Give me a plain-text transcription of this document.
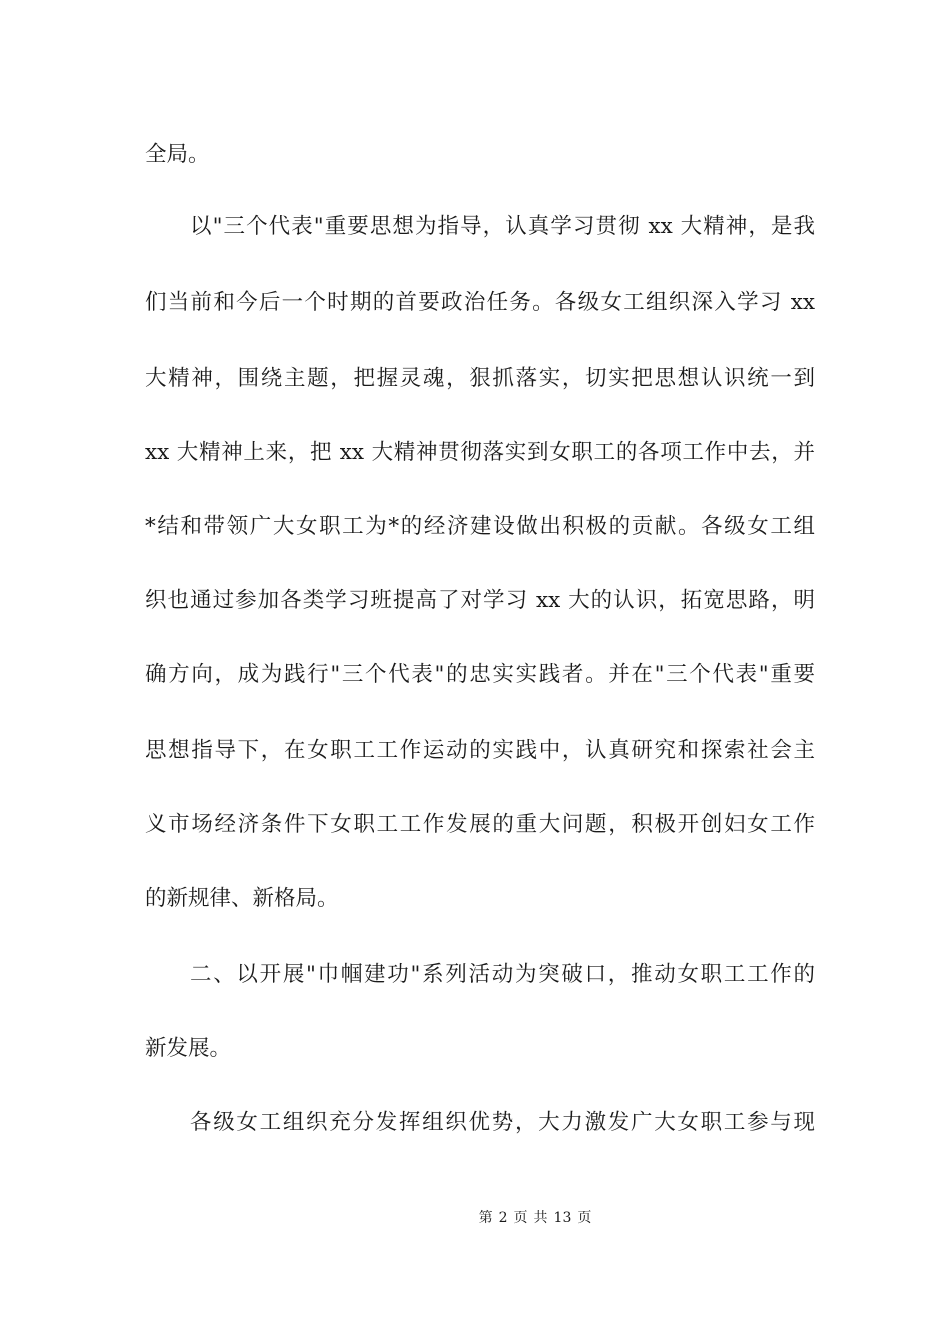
全局。
以"三个代表"重要思想为指导，认真学习贯彻 xx 大精神，是我
们当前和今后一个时期的首要政治任务。各级女工组织深入学习 xx
大精神，围绕主题，把握灵魂，狠抓落实，切实把思想认识统一到
xx 大精神上来，把 xx 大精神贯彻落实到女职工的各项工作中去，并
*结和带领广大女职工为*的经济建设做出积极的贡献。各级女工组
织也通过参加各类学习班提高了对学习 xx 大的认识，拓宽思路，明
确方向，成为践行"三个代表"的忠实实践者。并在"三个代表"重要
思想指导下，在女职工工作运动的实践中，认真研究和探索社会主
义市场经济条件下女职工工作发展的重大问题，积极开创妇女工作
的新规律、新格局。
二、以开展"巾帼建功"系列活动为突破口，推动女职工工作的
新发展。
各级女工组织充分发挥组织优势，大力激发广大女职工参与现
第 2 页 共 13 页
